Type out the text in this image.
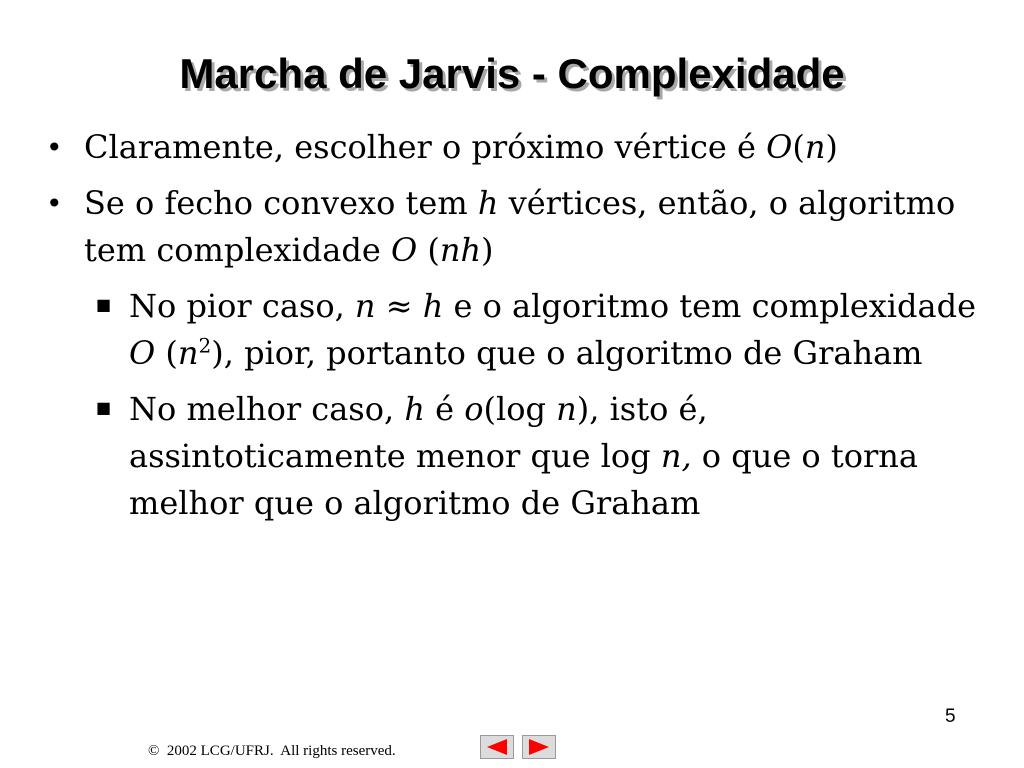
Marcha de Jarvis - Complexidade
• Claramente, escolher o próximo vértice é O(n)
• Se o fecho convexo tem h vértices, então, o algoritmo tem complexidade O (nh)
■ No pior caso, n ≈ h e o algoritmo tem complexidade O $(n^2)$, pior, portanto que o algoritmo de Graham
■ No melhor caso, h é o(log n), isto é, assintoticamente menor que log n, o que o torna melhor que o algoritmo de Graham
5
©  2002 LCG/UFRJ.  All rights reserved.
